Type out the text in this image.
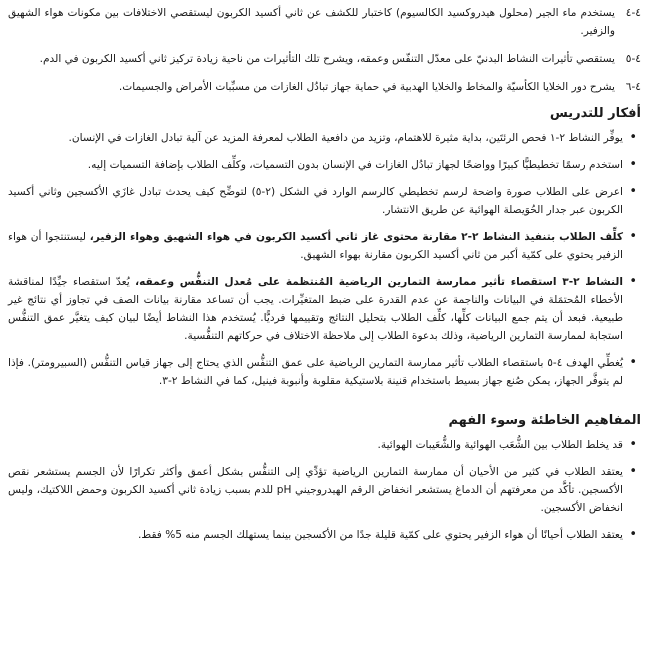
٤-٤
يستخدم ماء الجير (محلول هيدروكسيد الكالسيوم) كاختبار للكشف عن ثاني أكسيد الكربون ليستقصي الاختلافات بين مكونات هواء الشهيق والزفير.
٤-٥
يستقصي تأثيرات النشاط البدنيّ على معدّل التنفّس وعمقه، ويشرح تلك التأثيرات من ناحية زيادة تركيز ثاني أكسيد الكربون في الدم.
٤-٦
يشرح دور الخلايا الكأسيّة والمخاط والخلايا الهدبية في حماية جهاز تبادُل الغازات من مسبِّبات الأمراض والجسيمات.
أفكار للتدريس
• يوفِّر النشاط ٢-١ فحص الرئتَين، بداية مثيرة للاهتمام، وتزيد من دافعية الطلاب لمعرفة المزيد عن آلية تبادل الغازات في الإنسان.
• استخدم رسمًا تخطيطيًّا كبيرًا وواضحًا لجهاز تبادُل الغازات في الإنسان بدون التسميات، وكلِّف الطلاب بإضافة التسميات إليه.
• اعرض على الطلاب صورة واضحة لرسم تخطيطي كالرسم الوارد في الشكل (٢-٥) لتوضِّح كيف يحدث تبادل غازَي الأكسجين وثاني أكسيد الكربون عبر جدار الحُوَيصلة الهوائية عن طريق الانتشار.
• كلِّف الطلاب بتنفيذ النشاط ٢-٢ مقارنة محتوى غاز ثاني أكسيد الكربون في هواء الشهيق وهواء الزفير، ليستنتجوا أن هواء الزفير يحتوي على كمّية أكبر من ثاني أكسيد الكربون مقارنة بهواء الشهيق.
• النشاط ٢-٣ استقصاء تأثير ممارسة التمارين الرياضية المُنتظمة على مُعدل التنفُّس وعمقه، يُعدّ استقصاء جيِّدًا لمناقشة الأخطاء المُحتمَلة في البيانات والناجمة عن عدم القدرة على ضبط المتغيِّرات. يجب أن تساعد مقارنة بيانات الصف في تجاوز أي نتائج غير طبيعية. فبعد أن يتم جمع البيانات كلِّها، كلِّف الطلاب بتحليل النتائج وتقييمها فرديًّا. يُستخدم هذا النشاط أيضًا لبيان كيف يتغيَّر عمق التنفُّس استجابة لممارسة التمارين الرياضية، وذلك بدعوة الطلاب إلى ملاحظة الاختلاف في حركاتهم التنفُّسية.
• يُغطِّي الهدف ٤-٥ باستقصاء الطلاب تأثير ممارسة التمارين الرياضية على عمق التنفُّس الذي يحتاج إلى جهاز قياس التنفُّس (السبيرومتر). فإذا لم يتوفَّر الجهاز، يمكن صُنع جهاز بسيط باستخدام قنينة بلاستيكية مقلوبة وأنبوبة فينيل، كما في النشاط ٢-٣.
المفاهيم الخاطئة وسوء الفهم
• قد يخلط الطلاب بين الشُّعَب الهوائية والشُّعَيبات الهوائية.
• يعتقد الطلاب في كثير من الأحيان أن ممارسة التمارين الرياضية تؤدِّي إلى التنفُّس بشكل أعمق وأكثر تكرارًا لأن الجسم يستشعر نقص الأكسجين. تأكَّد من معرفتهم أن الدماغ يستشعر انخفاض الرقم الهيدروجيني pH للدم بسبب زيادة ثاني أكسيد الكربون وحمض اللاكتيك، وليس انخفاض الأكسجين.
• يعتقد الطلاب أحيانًا أن هواء الزفير يحتوي على كمّية قليلة جدًا من الأكسجين بينما يستهلك الجسم منه 5% فقط.
